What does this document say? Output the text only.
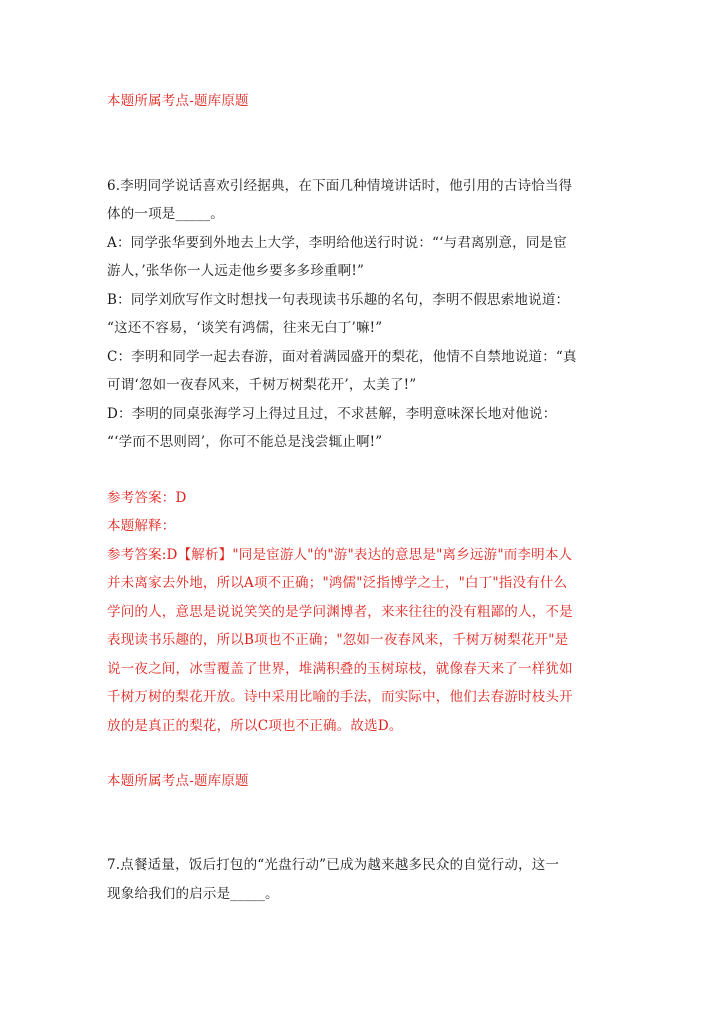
本题所属考点-题库原题
6.李明同学说话喜欢引经据典，在下面几种情境讲话时，他引用的古诗恰当得
体的一项是_____。
A：同学张华要到外地去上大学，李明给他送行时说：“‘与君离别意，同是宦
游人，’张华你一人远走他乡要多多珍重啊!”
B：同学刘欣写作文时想找一句表现读书乐趣的名句，李明不假思索地说道：
“这还不容易，‘谈笑有鸿儒，往来无白丁’嘛!”
C：李明和同学一起去春游，面对着满园盛开的梨花，他情不自禁地说道：“真
可谓‘忽如一夜春风来，千树万树梨花开’，太美了!”
D：李明的同桌张海学习上得过且过，不求甚解，李明意味深长地对他说：
“‘学而不思则罔’，你可不能总是浅尝辄止啊!”
参考答案：D
本题解释：
参考答案:D【解析】"同是宦游人"的"游"表达的意思是"离乡远游"而李明本人
并未离家去外地，所以A项不正确；"鸿儒"泛指博学之士，"白丁"指没有什么
学问的人，意思是说说笑笑的是学问渊博者，来来往往的没有粗鄙的人，不是
表现读书乐趣的，所以B项也不正确；"忽如一夜春风来，千树万树梨花开"是
说一夜之间，冰雪覆盖了世界，堆满积叠的玉树琼枝，就像春天来了一样犹如
千树万树的梨花开放。诗中采用比喻的手法，而实际中，他们去春游时枝头开
放的是真正的梨花，所以C项也不正确。故选D。
本题所属考点-题库原题
7.点餐适量，饭后打包的“光盘行动”已成为越来越多民众的自觉行动，这一
现象给我们的启示是_____。
